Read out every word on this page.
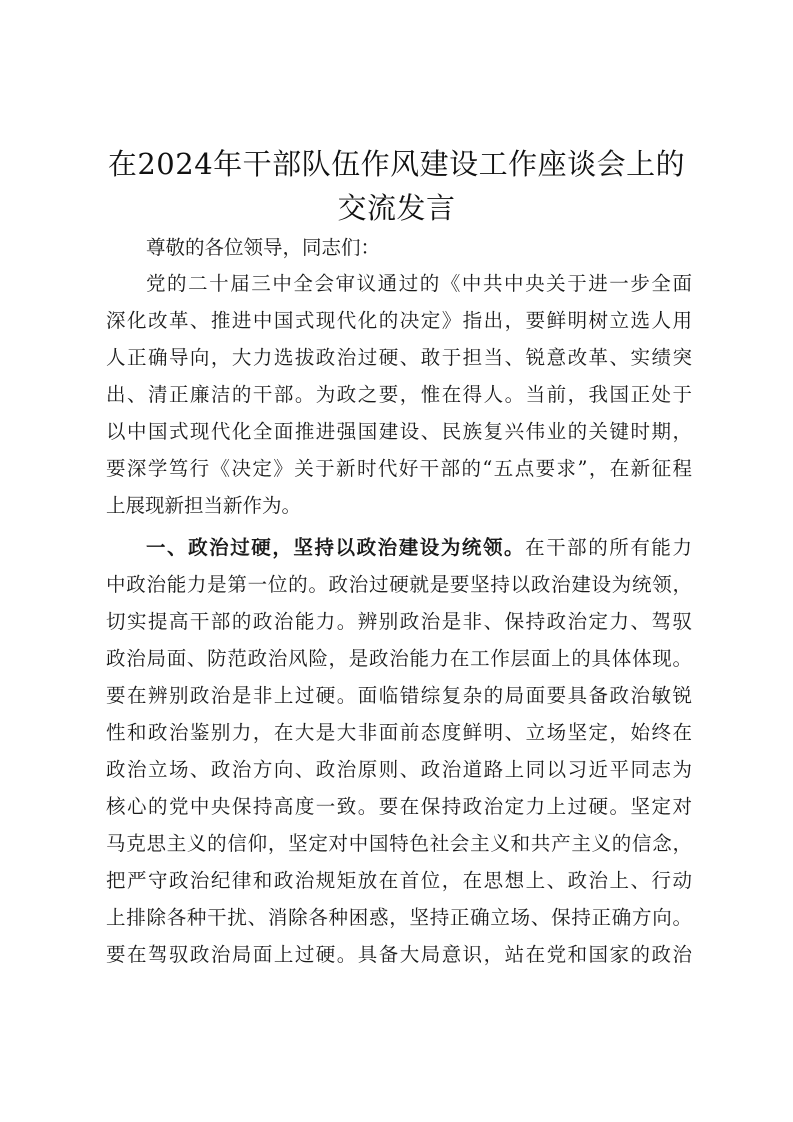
在2024年干部队伍作风建设工作座谈会上的
交流发言
尊敬的各位领导，同志们：
党的二十届三中全会审议通过的《中共中央关于进一步全面
深化改革、推进中国式现代化的决定》指出，要鲜明树立选人用
人正确导向，大力选拔政治过硬、敢于担当、锐意改革、实绩突
出、清正廉洁的干部。为政之要，惟在得人。当前，我国正处于
以中国式现代化全面推进强国建设、民族复兴伟业的关键时期，
要深学笃行《决定》关于新时代好干部的“五点要求”，在新征程
上展现新担当新作为。
一、政治过硬，坚持以政治建设为统领。在干部的所有能力
中政治能力是第一位的。政治过硬就是要坚持以政治建设为统领，
切实提高干部的政治能力。辨别政治是非、保持政治定力、驾驭
政治局面、防范政治风险，是政治能力在工作层面上的具体体现。
要在辨别政治是非上过硬。面临错综复杂的局面要具备政治敏锐
性和政治鉴别力，在大是大非面前态度鲜明、立场坚定，始终在
政治立场、政治方向、政治原则、政治道路上同以习近平同志为
核心的党中央保持高度一致。要在保持政治定力上过硬。坚定对
马克思主义的信仰，坚定对中国特色社会主义和共产主义的信念，
把严守政治纪律和政治规矩放在首位，在思想上、政治上、行动
上排除各种干扰、消除各种困惑，坚持正确立场、保持正确方向。
要在驾驭政治局面上过硬。具备大局意识，站在党和国家的政治
